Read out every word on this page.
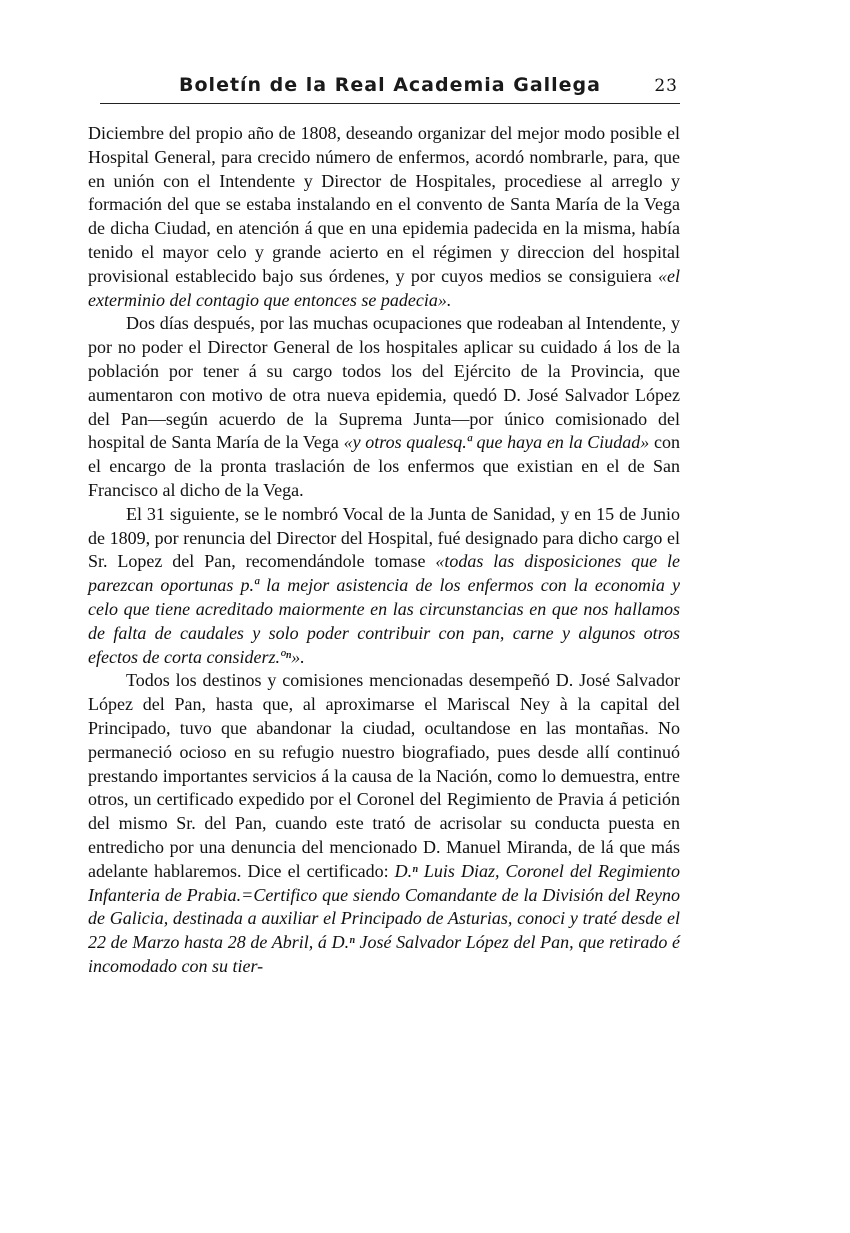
Boletín de la Real Academia Gallega	23

Diciembre del propio año de 1808, deseando organizar del mejor modo posible el Hospital General, para crecido número de enfermos, acordó nombrarle, para, que en unión con el Intendente y Director de Hospitales, procediese al arreglo y formación del que se estaba instalando en el convento de Santa María de la Vega de dicha Ciudad, en atención á que en una epidemia padecida en la misma, había tenido el mayor celo y grande acierto en el régimen y direccion del hospital provisional establecido bajo sus órdenes, y por cuyos medios se consiguiera «el exterminio del contagio que entonces se padecia».

Dos días después, por las muchas ocupaciones que rodeaban al Intendente, y por no poder el Director General de los hospitales aplicar su cuidado á los de la población por tener á su cargo todos los del Ejército de la Provincia, que aumentaron con motivo de otra nueva epidemia, quedó D. José Salvador López del Pan—según acuerdo de la Suprema Junta—por único comisionado del hospital de Santa María de la Vega «y otros qualesq.ª que haya en la Ciudad» con el encargo de la pronta traslación de los enfermos que existian en el de San Francisco al dicho de la Vega.

El 31 siguiente, se le nombró Vocal de la Junta de Sanidad, y en 15 de Junio de 1809, por renuncia del Director del Hospital, fué designado para dicho cargo el Sr. Lopez del Pan, recomendándole tomase «todas las disposiciones que le parezcan oportunas p.ª la mejor asistencia de los enfermos con la economia y celo que tiene acreditado maiormente en las circunstancias en que nos hallamos de falta de caudales y solo poder contribuir con pan, carne y algunos otros efectos de corta considerz.ºⁿ».

Todos los destinos y comisiones mencionadas desempeñó D. José Salvador López del Pan, hasta que, al aproximarse el Mariscal Ney à la capital del Principado, tuvo que abandonar la ciudad, ocultandose en las montañas. No permaneció ocioso en su refugio nuestro biografiado, pues desde allí continuó prestando importantes servicios á la causa de la Nación, como lo demuestra, entre otros, un certificado expedido por el Coronel del Regimiento de Pravia á petición del mismo Sr. del Pan, cuando este trató de acrisolar su conducta puesta en entredicho por una denuncia del mencionado D. Manuel Miranda, de lá que más adelante hablaremos. Dice el certificado: D.ⁿ Luis Diaz, Coronel del Regimiento Infanteria de Prabia.=Certifico que siendo Comandante de la División del Reyno de Galicia, destinada a auxiliar el Principado de Asturias, conoci y traté desde el 22 de Marzo hasta 28 de Abril, á D.ⁿ José Salvador López del Pan, que retirado é incomodado con su tier-
